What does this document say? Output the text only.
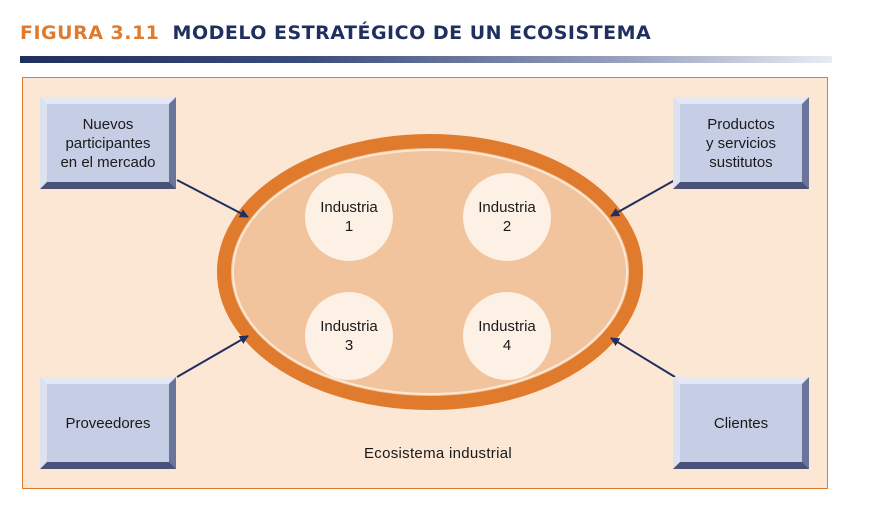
FIGURA 3.11 MODELO ESTRATÉGICO DE UN ECOSISTEMA
Nuevos
participantes
en el mercado
Productos
y servicios
sustitutos
Proveedores	Clientes
Industria
1
Industria
2
Industria
3
Industria
4
Ecosistema industrial
